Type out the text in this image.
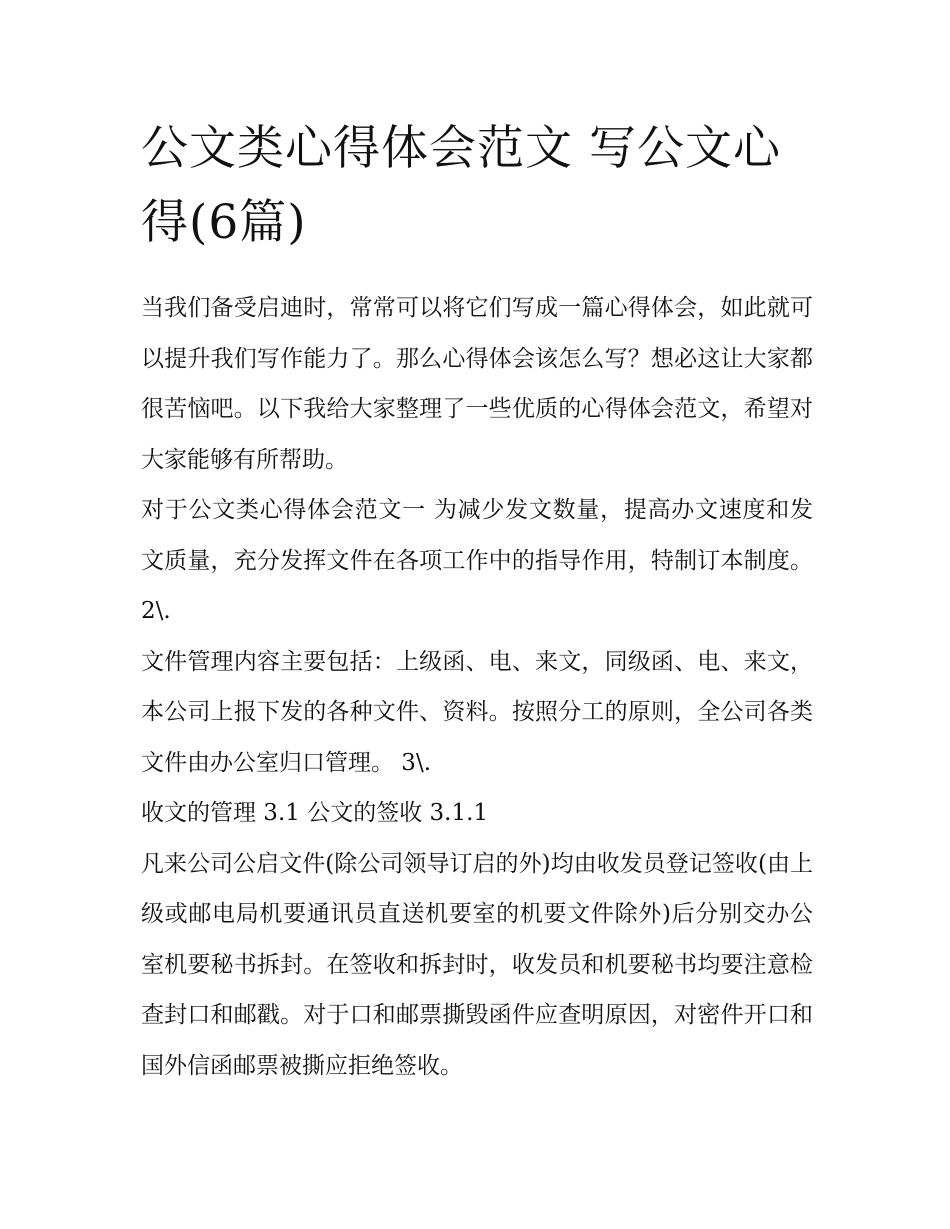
公文类心得体会范文 写公文心得(6篇)

当我们备受启迪时，常常可以将它们写成一篇心得体会，如此就可以提升我们写作能力了。那么心得体会该怎么写？想必这让大家都很苦恼吧。以下我给大家整理了一些优质的心得体会范文，希望对大家能够有所帮助。

对于公文类心得体会范文一 为减少发文数量，提高办文速度和发文质量，充分发挥文件在各项工作中的指导作用，特制订本制度。 2\.

文件管理内容主要包括：上级函、电、来文，同级函、电、来文，本公司上报下发的各种文件、资料。按照分工的原则，全公司各类文件由办公室归口管理。 3\.

收文的管理 3.1 公文的签收 3.1.1

凡来公司公启文件(除公司领导订启的外)均由收发员登记签收(由上级或邮电局机要通讯员直送机要室的机要文件除外)后分别交办公室机要秘书拆封。在签收和拆封时，收发员和机要秘书均要注意检查封口和邮戳。对于口和邮票撕毁函件应查明原因，对密件开口和国外信函邮票被撕应拒绝签收。
